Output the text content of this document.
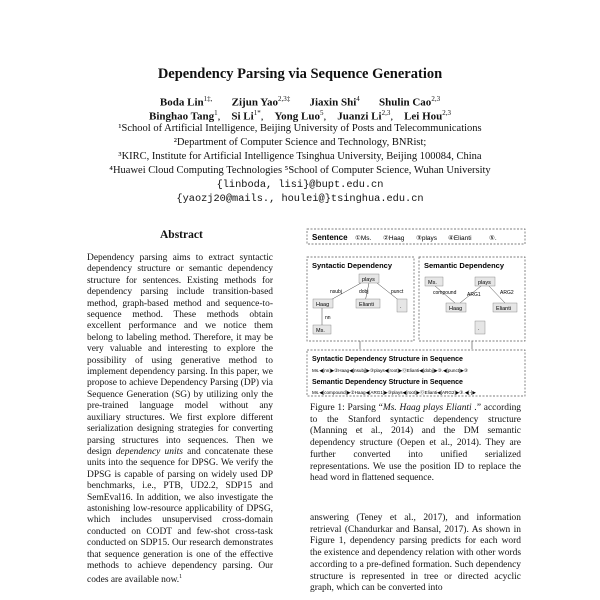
Dependency Parsing via Sequence Generation
Boda Lin$^{1\ddagger,}$ Zijun Yao$^{2,3\ddagger}$ Jiaxin Shi$^4$ Shulin Cao$^{2,3}$
Binghao Tang$^1$,    Si $Li^{1*}$,    Yong Luo$^5$,    Juanzi Li$^{2,3}$,    Lei Hou$^{2,3}$
¹School of Artificial Intelligence, Beijing University of Posts and Telecommunications
²Department of Computer Science and Technology, BNRist;
³KIRC, Institute for Artificial Intelligence Tsinghua University, Beijing 100084, China
⁴Huawei Cloud Computing Technologies ⁵School of Computer Science, Wuhan University
{linboda, lisi}@bupt.edu.cn
{yaozj20@mails., houlei@}tsinghua.edu.cn
Abstract

Dependency parsing aims to extract syntactic dependency structure or semantic dependency structure for sentences. Existing methods for dependency parsing include transition-based method, graph-based method and sequence-to-sequence method. These methods obtain excellent performance and we notice them belong to labeling method. Therefore, it may be very valuable and interesting to explore the possibility of using generative method to implement dependency parsing. In this paper, we propose to achieve Dependency Parsing (DP) via Sequence Generation (SG) by utilizing only the pre-trained language model without any auxiliary structures. We first explore different serialization designing strategies for converting parsing structures into sequences. Then we design dependency units and concatenate these units into the sequence for DPSG. We verify the DPSG is capable of parsing on widely used DP benchmarks, i.e., PTB, UD2.2, SDP15 and SemEval16. In addition, we also investigate the astonishing low-resource applicability of DPSG, which includes unsupervised cross-domain conducted on CODT and few-shot cross-task conducted on SDP15. Our research demonstrates that sequence generation is one of the effective methods to achieve dependency parsing. Our codes are available now.$^1$

Sentence ①Ms. ②Haag ③plays ④Elianti	⑤.
Syntactic Dependency
plays
Haag	Elianti	.
Ms.
nsubj	dobj	punct
nn
Semantic Dependency
Ms.	plays
Haag	Elianti
.
compound ARG1	ARG2
Syntactic Dependency Structure in Sequence
Ms.◀[nn]▶②Haag◀[nsubj]▶③plays◀[root]▶⓪Elianti◀[dobj]▶③.◀[punct]▶③
Semantic Dependency Structure in Sequence
Ms.◀[compound]▶②Haag◀[ARG1]▶③plays◀[root]▶⓪Elianti◀[ARG2]▶③.◀[-]▶
Figure 1: Parsing “Ms. Haag plays Elianti .” according to the Stanford syntactic dependency structure (Manning et al., 2014) and the DM semantic dependency structure (Oepen et al., 2014). They are further converted into unified serialized representations. We use the position ID to replace the head word in flattened sequence.
answering (Teney et al., 2017), and information retrieval (Chandurkar and Bansal, 2017). As shown in Figure 1, dependency parsing predicts for each word the existence and dependency relation with other words according to a pre-defined formation. Such dependency structure is represented in tree or directed acyclic graph, which can be converted into
